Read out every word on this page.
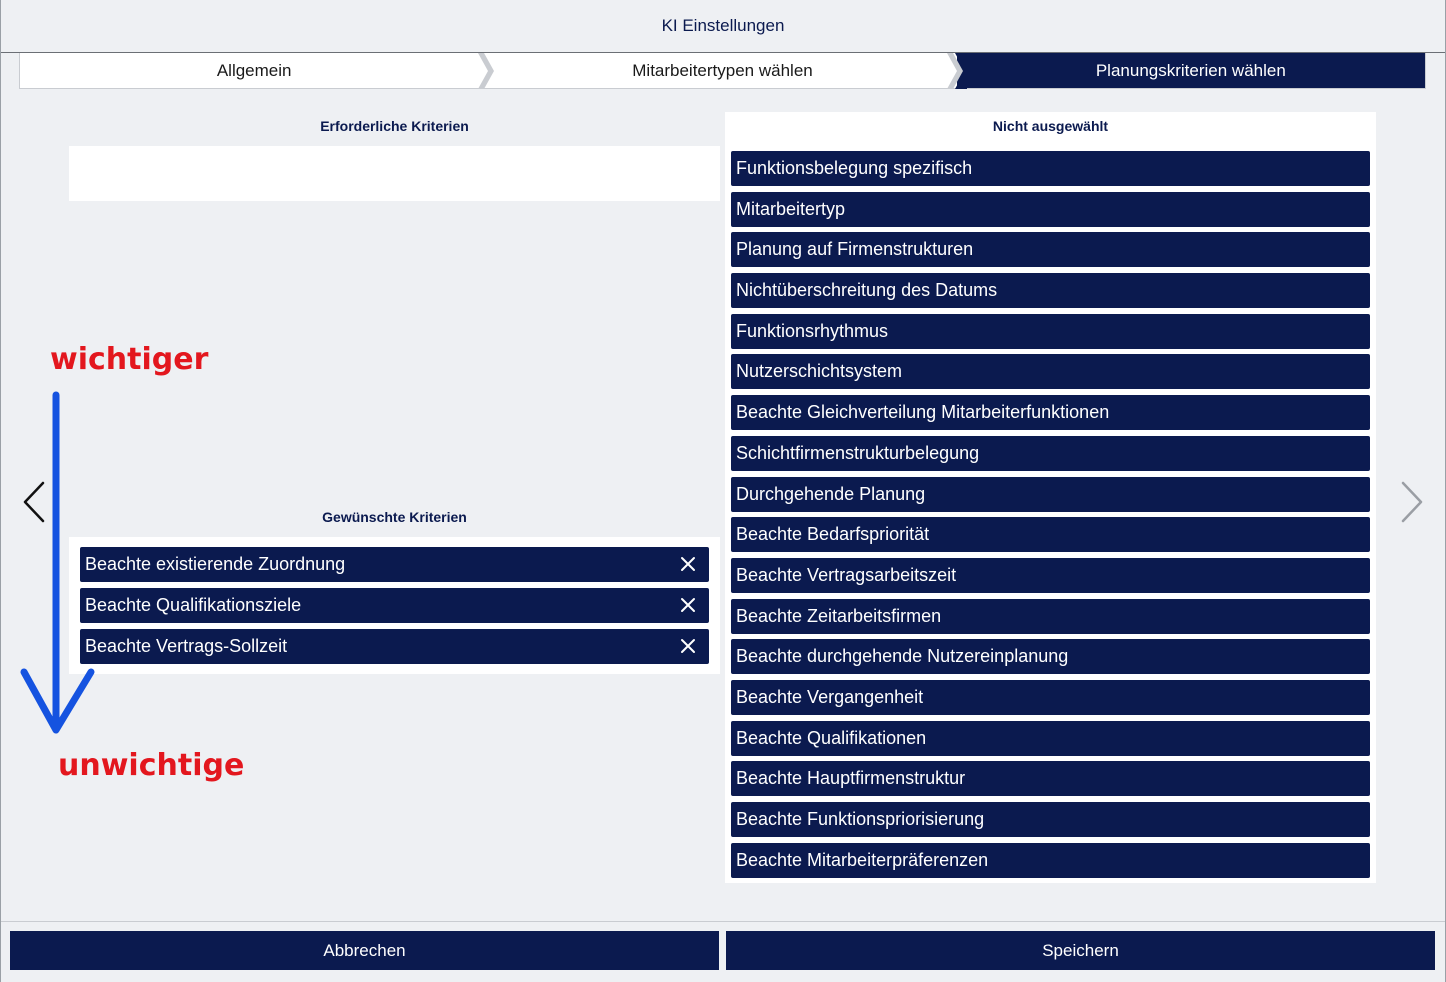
KI Einstellungen
Allgemein	Mitarbeitertypen wählen	Planungskriterien wählen
Erforderliche Kriterien
Gewünschte Kriterien
Beachte existierende Zuordnung
Beachte Qualifikationsziele
Beachte Vertrags-Sollzeit
Nicht ausgewählt
Funktionsbelegung spezifisch
Mitarbeitertyp
Planung auf Firmenstrukturen
Nichtüberschreitung des Datums
Funktionsrhythmus
Nutzerschichtsystem
Beachte Gleichverteilung Mitarbeiterfunktionen
Schichtfirmenstrukturbelegung
Durchgehende Planung
Beachte Bedarfspriorität
Beachte Vertragsarbeitszeit
Beachte Zeitarbeitsfirmen
Beachte durchgehende Nutzereinplanung
Beachte Vergangenheit
Beachte Qualifikationen
Beachte Hauptfirmenstruktur
Beachte Funktionspriorisierung
Beachte Mitarbeiterpräferenzen
wichtiger
unwichtige
Abbrechen	Speichern
